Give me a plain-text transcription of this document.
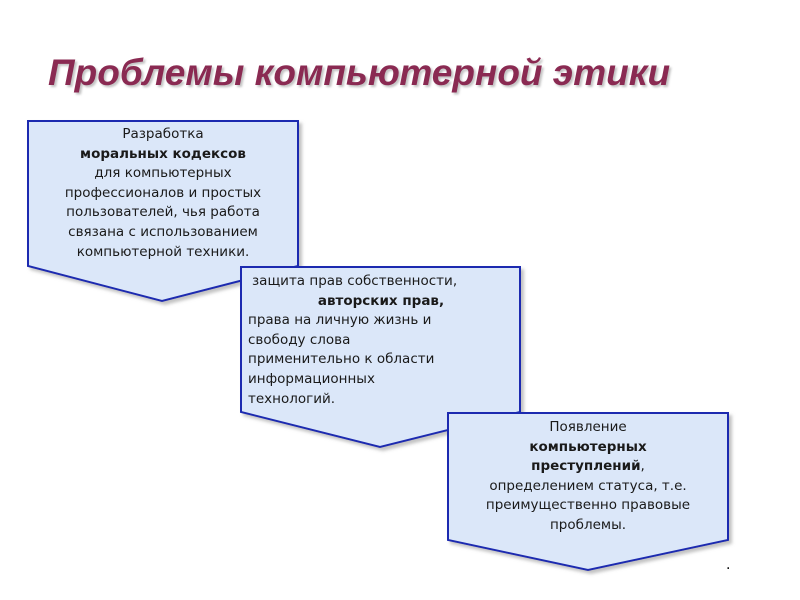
Проблемы компьютерной этики
Разработка
моральных кодексов
для компьютерных
профессионалов и простых
пользователей, чья работа
связана с использованием
компьютерной техники.
защита прав собственности,
авторских прав,
права на личную жизнь и
свободу слова
применительно к области
информационных
технологий.
Появление
компьютерных
преступлений,
определением статуса, т.е.
преимущественно правовые
проблемы.
.
